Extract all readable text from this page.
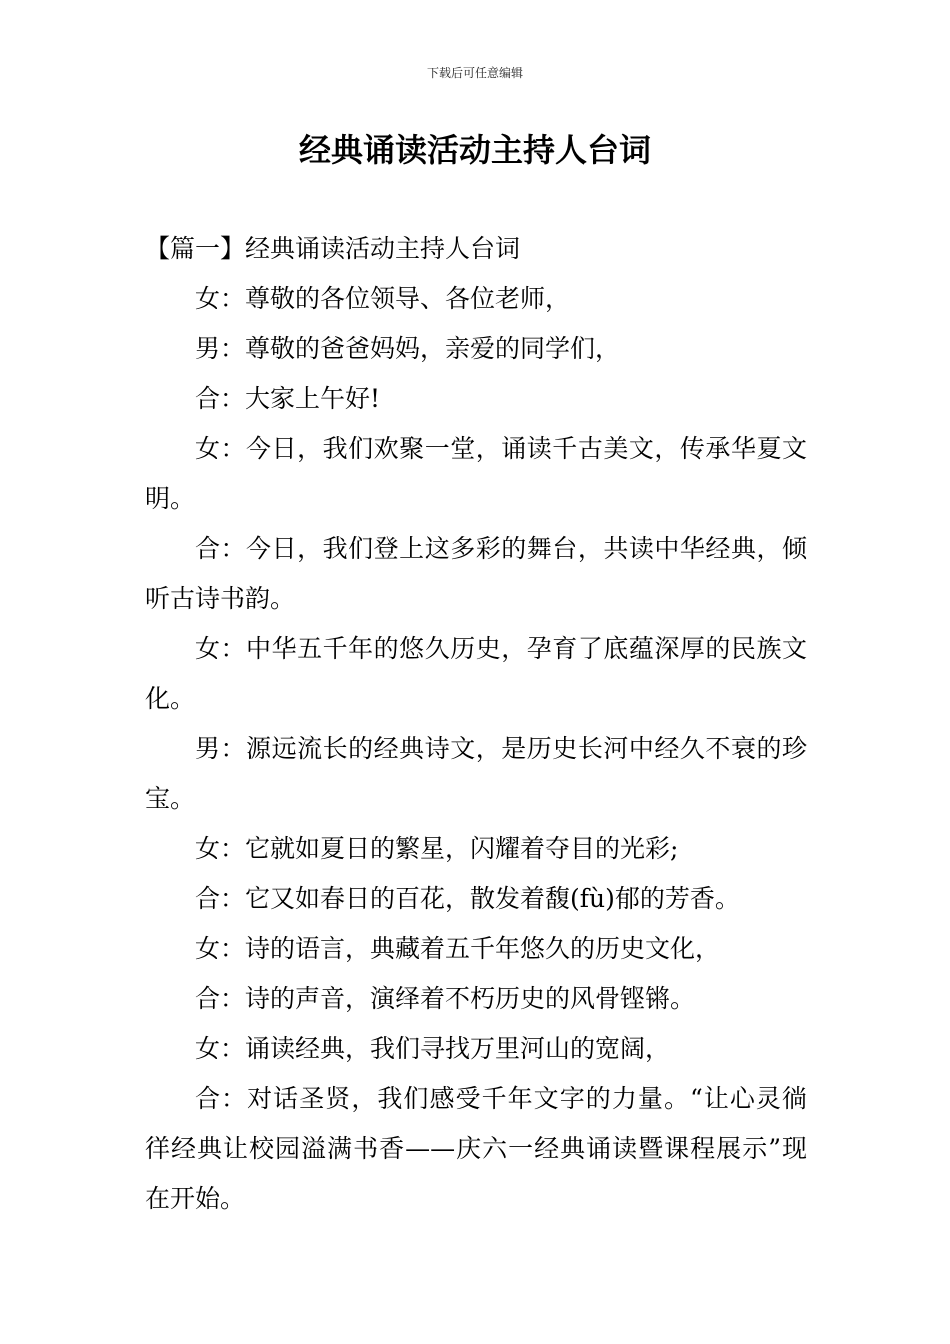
下载后可任意编辑
经典诵读活动主持人台词

【篇一】经典诵读活动主持人台词

女：尊敬的各位领导、各位老师，

男：尊敬的爸爸妈妈，亲爱的同学们，

合：大家上午好!

女：今日，我们欢聚一堂，诵读千古美文，传承华夏文明。

合：今日，我们登上这多彩的舞台，共读中华经典，倾听古诗书韵。

女：中华五千年的悠久历史，孕育了底蕴深厚的民族文化。

男：源远流长的经典诗文，是历史长河中经久不衰的珍宝。

女：它就如夏日的繁星，闪耀着夺目的光彩;

合：它又如春日的百花，散发着馥(fù)郁的芳香。

女：诗的语言，典藏着五千年悠久的历史文化，

合：诗的声音，演绎着不朽历史的风骨铿锵。

女：诵读经典，我们寻找万里河山的宽阔，

合：对话圣贤，我们感受千年文字的力量。“让心灵徜徉经典让校园溢满书香——庆六一经典诵读暨课程展示”现在开始。
